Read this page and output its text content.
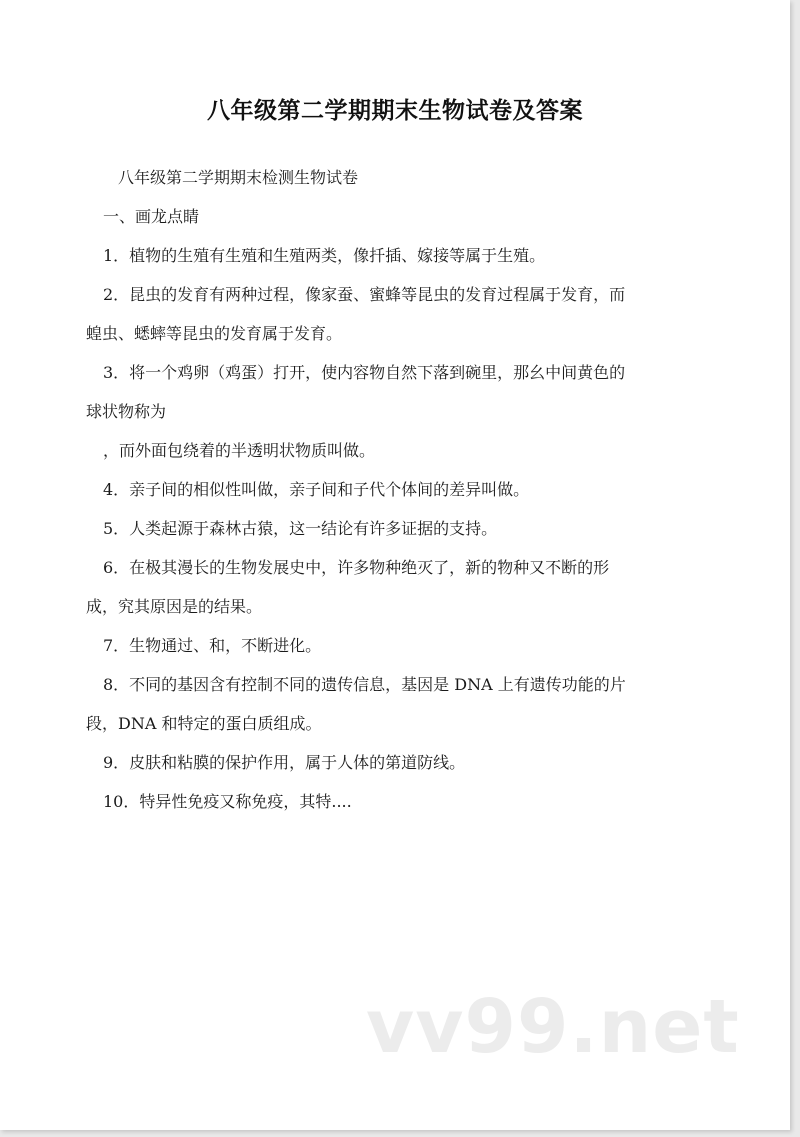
八年级第二学期期末生物试卷及答案
八年级第二学期期末检测生物试卷
一、画龙点睛
1．植物的生殖有生殖和生殖两类，像扦插、嫁接等属于生殖。
2．昆虫的发育有两种过程，像家蚕、蜜蜂等昆虫的发育过程属于发育，而
蝗虫、蟋蟀等昆虫的发育属于发育。
3．将一个鸡卵（鸡蛋）打开，使内容物自然下落到碗里，那幺中间黄色的
球状物称为
，而外面包绕着的半透明状物质叫做。
4．亲子间的相似性叫做，亲子间和子代个体间的差异叫做。
5．人类起源于森林古猿，这一结论有许多证据的支持。
6．在极其漫长的生物发展史中，许多物种绝灭了，新的物种又不断的形
成，究其原因是的结果。
7．生物通过、和，不断进化。
8．不同的基因含有控制不同的遗传信息，基因是 DNA 上有遗传功能的片
段，DNA 和特定的蛋白质组成。
9．皮肤和粘膜的保护作用，属于人体的第道防线。
10．特异性免疫又称免疫，其特....
vv99.net
